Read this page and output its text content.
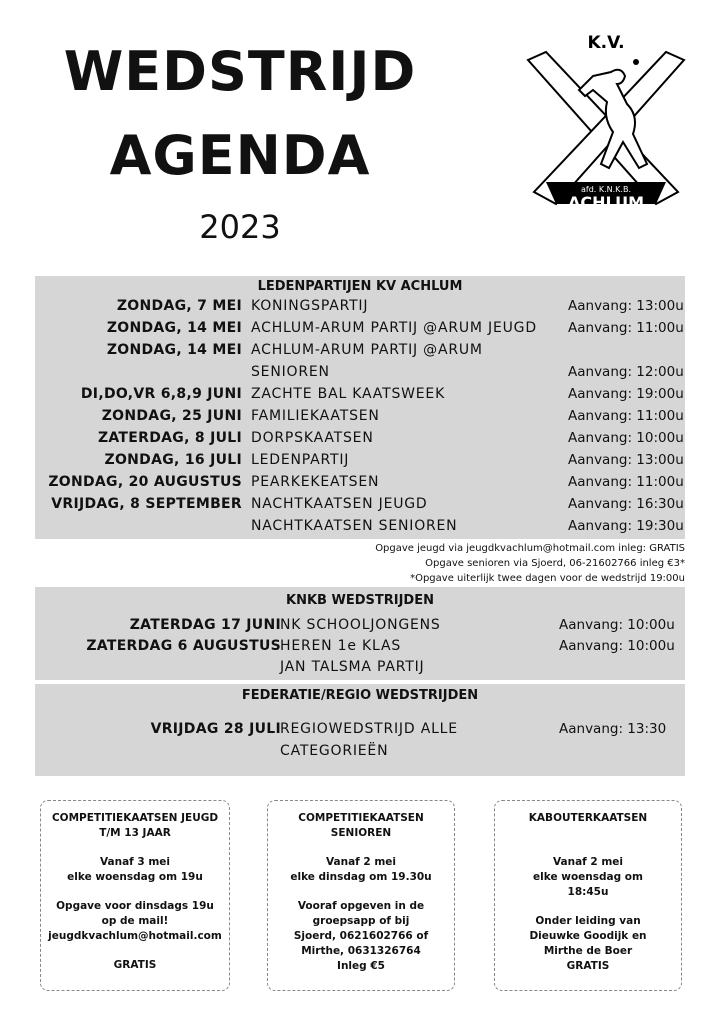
WEDSTRIJD
AGENDA
2023
K.V.
afd. K.N.K.B.
ACHLUM
LEDENPARTIJEN KV ACHLUM
ZONDAG, 7 MEI KONINGSPARTIJ	Aanvang: 13:00u
ZONDAG, 14 MEI ACHLUM-ARUM PARTIJ @ARUM JEUGD Aanvang: 11:00u
ZONDAG, 14 MEI ACHLUM-ARUM PARTIJ @ARUM
SENIOREN	Aanvang: 12:00u
DI,DO,VR 6,8,9 JUNI ZACHTE BAL KAATSWEEK	Aanvang: 19:00u
ZONDAG, 25 JUNI FAMILIEKAATSEN	Aanvang: 11:00u
ZATERDAG, 8 JULI DORPSKAATSEN	Aanvang: 10:00u
ZONDAG, 16 JULI LEDENPARTIJ	Aanvang: 13:00u
ZONDAG, 20 AUGUSTUS PEARKEKEATSEN	Aanvang: 11:00u
VRIJDAG, 8 SEPTEMBER NACHTKAATSEN JEUGD	Aanvang: 16:30u
NACHTKAATSEN SENIOREN	Aanvang: 19:30u
Opgave jeugd via jeugdkvachlum@hotmail.com inleg: GRATIS
Opgave senioren via Sjoerd, 06-21602766 inleg €3*
*Opgave uiterlijk twee dagen voor de wedstrijd 19:00u
KNKB WEDSTRIJDEN
ZATERDAG 17 JUNI NK SCHOOLJONGENS	Aanvang: 10:00u
ZATERDAG 6 AUGUSTUS HEREN 1e KLAS	Aanvang: 10:00u
JAN TALSMA PARTIJ
FEDERATIE/REGIO WEDSTRIJDEN
VRIJDAG 28 JULI REGIOWEDSTRIJD ALLE	Aanvang: 13:30
CATEGORIEËN
COMPETITIEKAATSEN JEUGD
T/M 13 JAAR
Vanaf 3 mei
elke woensdag om 19u
Opgave voor dinsdags 19u
op de mail!
jeugdkvachlum@hotmail.com
GRATIS
COMPETITIEKAATSEN
SENIOREN
Vanaf 2 mei
elke dinsdag om 19.30u
Vooraf opgeven in de
groepsapp of bij
Sjoerd, 0621602766 of
Mirthe, 0631326764
Inleg €5
KABOUTERKAATSEN
Vanaf 2 mei
elke woensdag om
18:45u
Onder leiding van
Dieuwke Goodijk en
Mirthe de Boer
GRATIS
